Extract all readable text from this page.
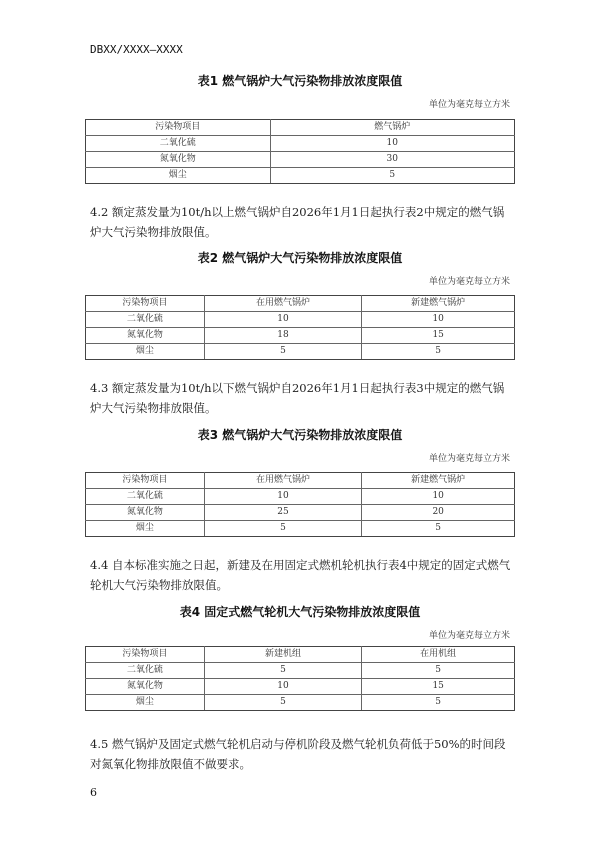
DBXX/XXXX—XXXX
表1 燃气锅炉大气污染物排放浓度限值
单位为毫克每立方米
污染物项目	燃气锅炉
二氧化硫	10
氮氧化物	30
烟尘	5
4.2 额定蒸发量为10t/h以上燃气锅炉自2026年1月1日起执行表2中规定的燃气锅炉大气污染物排放限值。
表2 燃气锅炉大气污染物排放浓度限值
单位为毫克每立方米
污染物项目	在用燃气锅炉	新建燃气锅炉
二氧化硫	10	10
氮氧化物	18	15
烟尘	5	5
4.3 额定蒸发量为10t/h以下燃气锅炉自2026年1月1日起执行表3中规定的燃气锅炉大气污染物排放限值。
表3 燃气锅炉大气污染物排放浓度限值
单位为毫克每立方米
污染物项目	在用燃气锅炉	新建燃气锅炉
二氧化硫	10	10
氮氧化物	25	20
烟尘	5	5
4.4 自本标准实施之日起，新建及在用固定式燃机轮机执行表4中规定的固定式燃气轮机大气污染物排放限值。
表4 固定式燃气轮机大气污染物排放浓度限值
单位为毫克每立方米
污染物项目	新建机组	在用机组
二氧化硫	5	5
氮氧化物	10	15
烟尘	5	5
4.5 燃气锅炉及固定式燃气轮机启动与停机阶段及燃气轮机负荷低于50%的时间段对氮氧化物排放限值不做要求。
6
